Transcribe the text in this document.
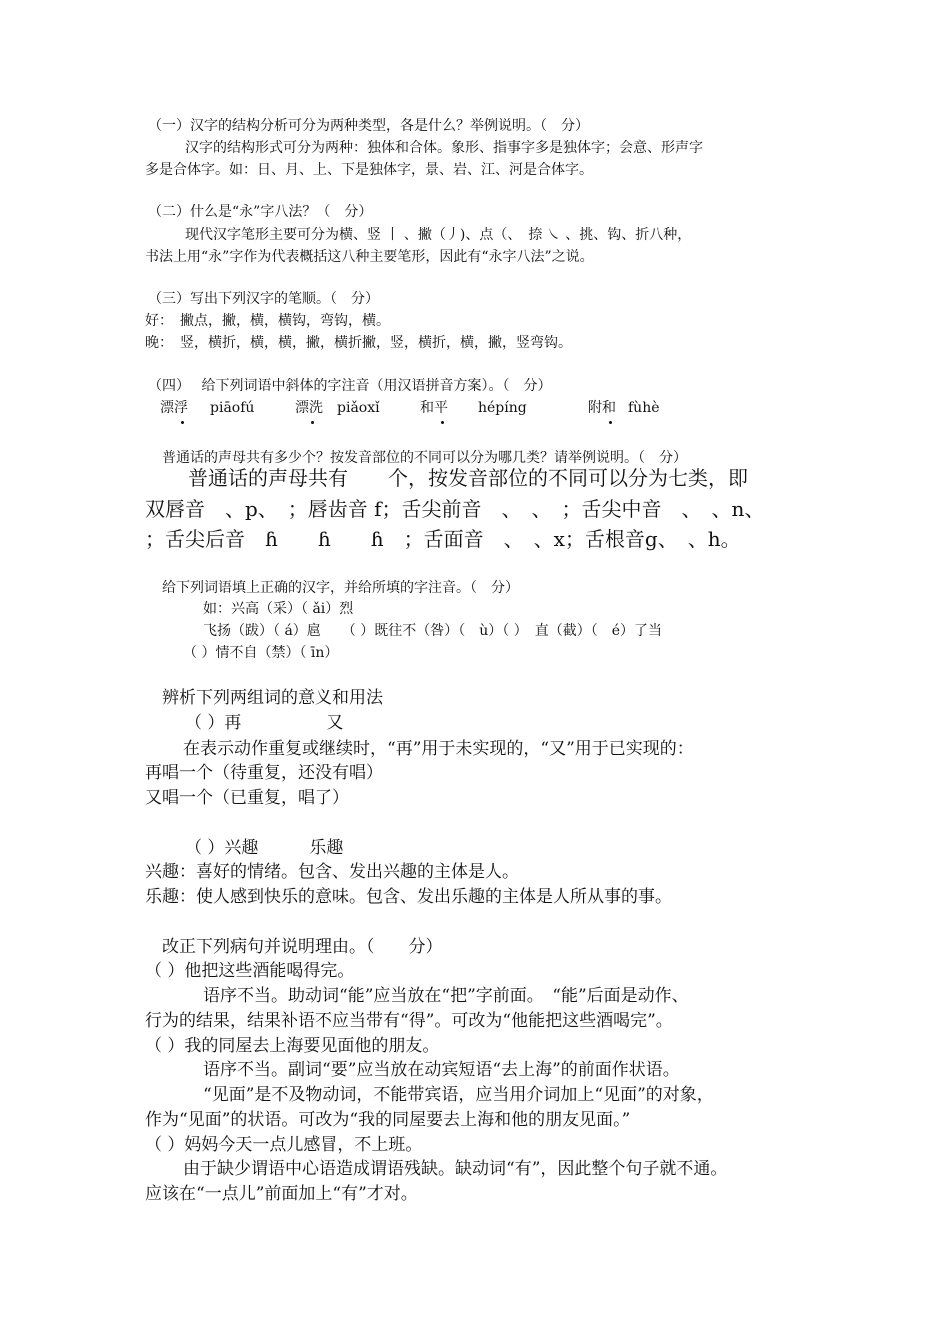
（一）汉字的结构分析可分为两种类型，各是什么？举例说明。（　分）
汉字的结构形式可分为两种：独体和合体。象形、指事字多是独体字；会意、形声字
多是合体字。如：日、月、上、下是独体字，景、岩、江、河是合体字。
（二）什么是“永”字八法？（　分）
现代汉字笔形主要可分为横、竖 丨 、撇（丿)、点（、　捺 ㇏ 、挑、钩、折八种，
书法上用“永”字作为代表概括这八种主要笔形，因此有“永字八法”之说。
（三）写出下列汉字的笔顺。（　分）
好：　撇点，撇，横，横钩，弯钩，横。
晚：　竖，横折，横，横，撇，横折撇，竖，横折，横，撇，竖弯钩。
（四）　 给下列词语中斜体的字注音（用汉语拼音方案）。（　分）
漂浮 piāofú	漂洗 piǎoxǐ	和平 hépíng	附和 fùhè
普通话的声母共有多少个？按发音部位的不同可以分为哪几类？请举例说明。（　分）
普通话的声母共有　　个，按发音部位的不同可以分为七类，即
双唇音　、p、　；唇齿音 f；舌尖前音　、　、　；舌尖中音　、　、n、
；舌尖后音　ɦ　　ɦ　　ɦ　；舌面音　、　、x；舌根音g、　、h。
给下列词语填上正确的汉字，并给所填的字注音。（　分）
如：兴高（采）（ ǎi）烈
飞扬（跋）（ á）扈　　（ ）既往不（咎）（　ù）（ ）　直（截）（　é）了当
（ ）情不自（禁）（ īn）
辨析下列两组词的意义和用法
（ ）再　　　　　又
在表示动作重复或继续时，“再”用于未实现的，“又”用于已实现的：
再唱一个（待重复，还没有唱）
又唱一个（已重复，唱了）
（ ）兴趣　　　乐趣
兴趣：喜好的情绪。包含、发出兴趣的主体是人。
乐趣：使人感到快乐的意味。包含、发出乐趣的主体是人所从事的事。
改正下列病句并说明理由。（　　分）
（ ）他把这些酒能喝得完。
语序不当。助动词“能”应当放在“把”字前面。　“能”后面是动作、
行为的结果，结果补语不应当带有“得”。可改为“他能把这些酒喝完”。
（ ）我的同屋去上海要见面他的朋友。
语序不当。副词“要”应当放在动宾短语“去上海”的前面作状语。
“见面”是不及物动词，不能带宾语，应当用介词加上“见面”的对象，
作为“见面”的状语。可改为“我的同屋要去上海和他的朋友见面。”
（ ）妈妈今天一点儿感冒，不上班。
由于缺少谓语中心语造成谓语残缺。缺动词“有”，因此整个句子就不通。
应该在“一点儿”前面加上“有”才对。
